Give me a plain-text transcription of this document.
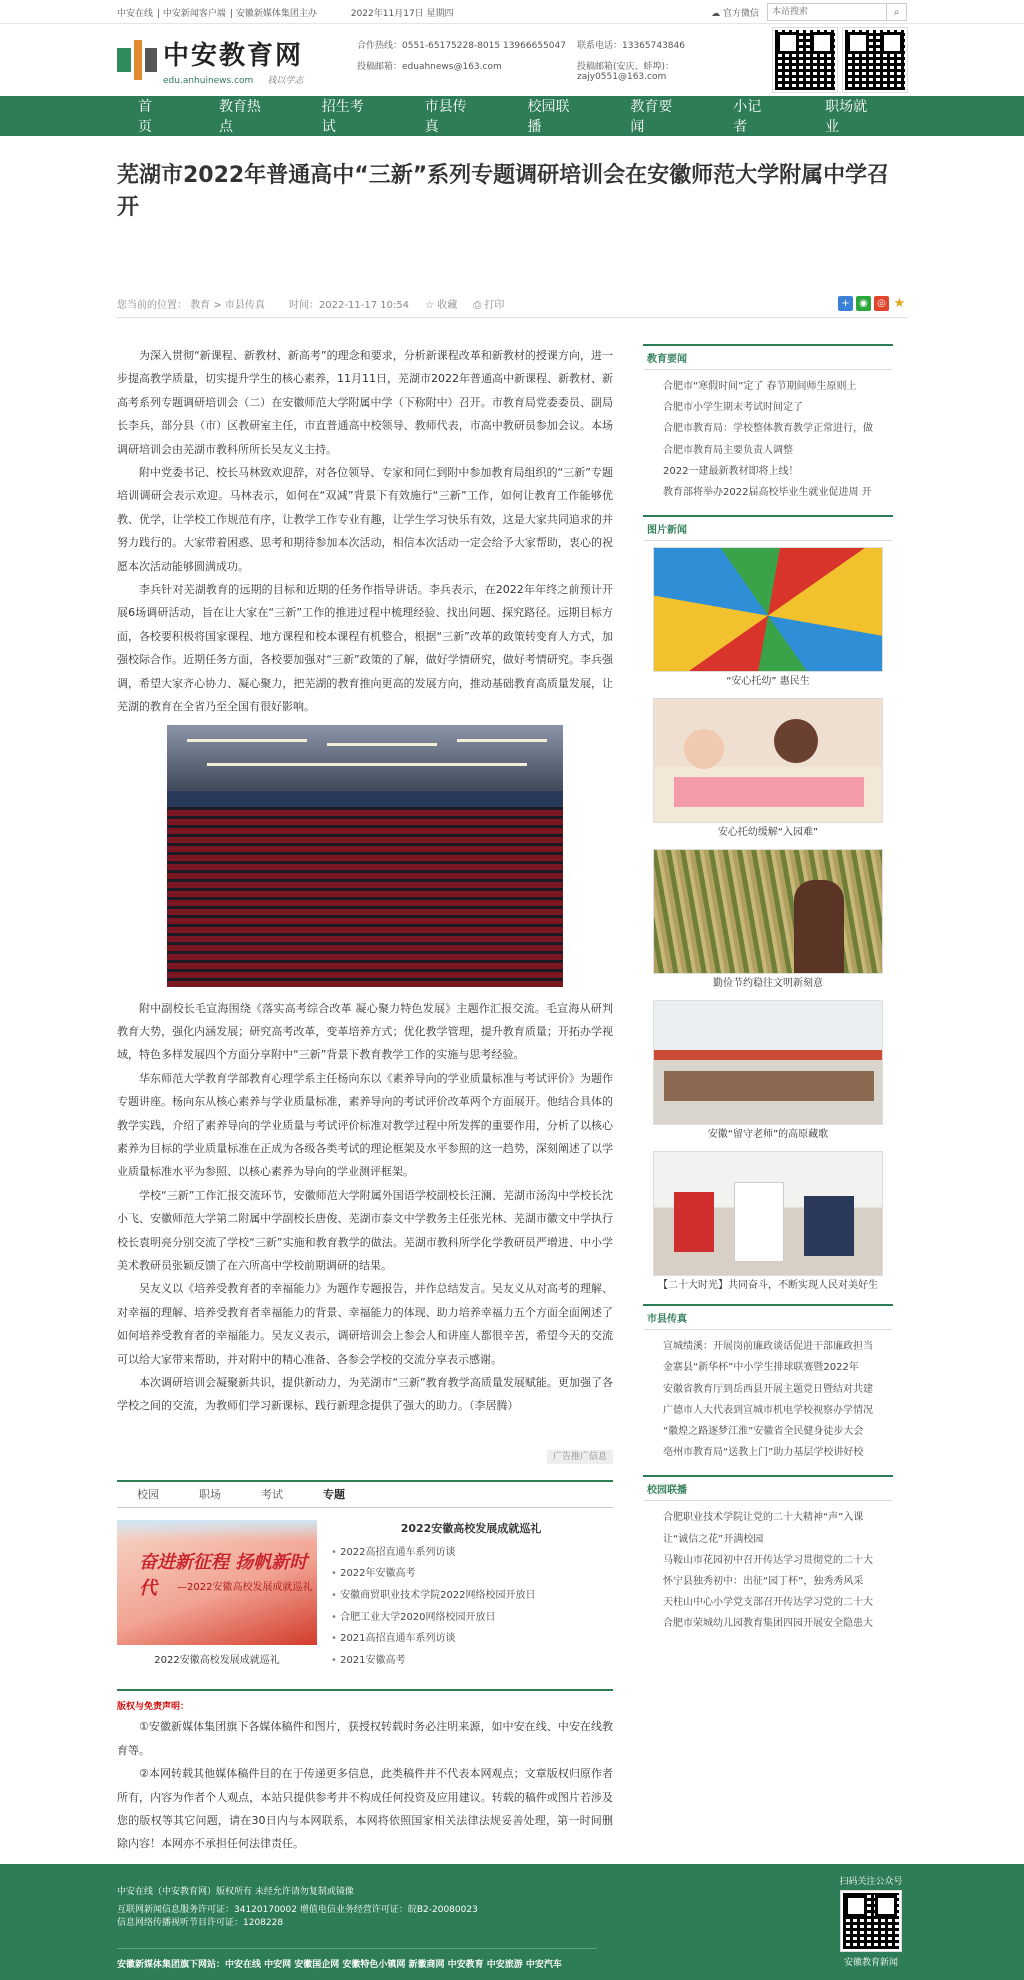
中安在线 | 中安新闻客户端 | 安徽新媒体集团主办	2022年11月17日 星期四	☁ 官方微信
本站搜索	⌕
中安教育网
edu.anhuinews.com 钱以学志
合作热线：0551-65175228-8015 13966655047	联系电话：13365743846
投稿邮箱：eduahnews@163.com	投稿邮箱(安庆、蚌埠)：zajy0551@163.com
首页
教育热点
招生考试
市县传真
校园联播
教育要闻
小记者
职场就业
芜湖市2022年普通高中“三新”系列专题调研培训会在安徽师范大学附属中学召开
您当前的位置： 教育 > 市县传真 时间：2022-11-17 10:54 ☆ 收藏 ⎙ 打印	+ ◉ ◎ ★

为深入贯彻“新课程、新教材、新高考”的理念和要求，分析新课程改革和新教材的授课方向，进一步提高教学质量，切实提升学生的核心素养，11月11日，芜湖市2022年普通高中新课程、新教材、新高考系列专题调研培训会（二）在安徽师范大学附属中学（下称附中）召开。市教育局党委委员、副局长李兵，部分县（市）区教研室主任，市直普通高中校领导、教师代表，市高中教研员参加会议。本场调研培训会由芜湖市教科所所长吴友义主持。

附中党委书记、校长马林致欢迎辞，对各位领导、专家和同仁到附中参加教育局组织的“三新”专题培训调研会表示欢迎。马林表示，如何在“双减”背景下有效施行“三新”工作，如何让教育工作能够优教、优学，让学校工作规范有序，让教学工作专业有趣，让学生学习快乐有效，这是大家共同追求的并努力践行的。大家带着困惑、思考和期待参加本次活动，相信本次活动一定会给予大家帮助，衷心的祝愿本次活动能够圆满成功。

李兵针对芜湖教育的远期的目标和近期的任务作指导讲话。李兵表示，在2022年年终之前预计开展6场调研活动，旨在让大家在“三新”工作的推进过程中梳理经验、找出问题、探究路径。远期目标方面，各校要积极将国家课程、地方课程和校本课程有机整合，根据“三新”改革的政策转变育人方式，加强校际合作。近期任务方面，各校要加强对“三新”政策的了解，做好学情研究，做好考情研究。李兵强调，希望大家齐心协力、凝心聚力，把芜湖的教育推向更高的发展方向，推动基础教育高质量发展，让芜湖的教育在全省乃至全国有很好影响。

附中副校长毛宣海围绕《落实高考综合改革 凝心聚力特色发展》主题作汇报交流。毛宣海从研判教育大势，强化内涵发展；研究高考改革，变革培养方式；优化教学管理，提升教育质量；开拓办学视域，特色多样发展四个方面分享附中“三新”背景下教育教学工作的实施与思考经验。

华东师范大学教育学部教育心理学系主任杨向东以《素养导向的学业质量标准与考试评价》为题作专题讲座。杨向东从核心素养与学业质量标准，素养导向的考试评价改革两个方面展开。他结合具体的教学实践，介绍了素养导向的学业质量与考试评价标准对教学过程中所发挥的重要作用，分析了以核心素养为目标的学业质量标准在正成为各级各类考试的理论框架及水平参照的这一趋势，深刻阐述了以学业质量标准水平为参照、以核心素养为导向的学业测评框架。

学校“三新”工作汇报交流环节，安徽师范大学附属外国语学校副校长汪澜、芜湖市汤沟中学校长沈小飞、安徽师范大学第二附属中学副校长唐俊、芜湖市泰文中学教务主任张光林、芜湖市徽文中学执行校长袁明亮分别交流了学校“三新”实施和教育教学的做法。芜湖市教科所学化学教研员严增进、中小学美术教研员张颖反馈了在六所高中学校前期调研的结果。

吴友义以《培养受教育者的幸福能力》为题作专题报告，并作总结发言。吴友义从对高考的理解、对幸福的理解、培养受教育者幸福能力的背景、幸福能力的体现、助力培养幸福力五个方面全面阐述了如何培养受教育者的幸福能力。吴友义表示，调研培训会上参会人和讲座人都很辛苦，希望今天的交流可以给大家带来帮助，并对附中的精心准备、各参会学校的交流分享表示感谢。

本次调研培训会凝聚新共识，提供新动力，为芜湖市“三新”教育教学高质量发展赋能。更加强了各学校之间的交流，为教师们学习新课标、践行新理念提供了强大的助力。（李居腾）

广告推广信息
校园	职场	考试	专题
奋进新征程 扬帆新时代	—2022安徽高校发展成就巡礼
2022安徽高校发展成就巡礼
2022安徽高校发展成就巡礼
• 2022高招直通车系列访谈
• 2022年安徽高考
• 安徽商贸职业技术学院2022网络校园开放日
• 合肥工业大学2020网络校园开放日
• 2021高招直通车系列访谈
• 2021安徽高考
版权与免责声明：

①安徽新媒体集团旗下各媒体稿件和图片，获授权转载时务必注明来源，如中安在线、中安在线教育等。

②本网转载其他媒体稿件目的在于传递更多信息，此类稿件并不代表本网观点；文章版权归原作者所有，内容为作者个人观点，本站只提供参考并不构成任何投资及应用建议。转载的稿件或图片若涉及您的版权等其它问题，请在30日内与本网联系，本网将依照国家相关法律法规妥善处理，第一时间删除内容！本网亦不承担任何法律责任。

教育要闻
合肥市“寒假时间”定了 春节期间师生原则上
合肥市小学生期末考试时间定了
合肥市教育局：学校整体教育教学正常进行，做
合肥市教育局主要负责人调整
2022一建最新教材即将上线！
教育部将举办2022届高校毕业生就业促进周 开
图片新闻
“安心托幼” 惠民生
安心托幼缓解“入园难”
勤俭节约稳往文明新刻意
安徽“留守老师”的高原藏歌
【二十大时光】共同奋斗，不断实现人民对美好生
市县传真
宣城绩溪：开展岗前廉政谈话促进干部廉政担当
金寨县“新华杯”中小学生排球联赛暨2022年
安徽省教育厅到岳西县开展主题党日暨结对共建
广德市人大代表到宣城市机电学校视察办学情况
“徽煌之路逐梦江淮”安徽省全民健身徒步大会
亳州市教育局“送教上门”助力基层学校讲好校
校园联播
合肥职业技术学院让党的二十大精神“声”入课
让“诚信之花”开满校园
马鞍山市花园初中召开传达学习贯彻党的二十大
怀宁县独秀初中：出征“园丁杯”，独秀秀风采
天柱山中心小学党支部召开传达学习党的二十大
合肥市荣城幼儿园教育集团四园开展安全隐患大
中安在线（中安教育网）版权所有 未经允许请勿复制或镜像
互联网新闻信息服务许可证：34120170002 增值电信业务经营许可证：皖B2-20080023
信息网络传播视听节目许可证：1208228
安徽新媒体集团旗下网站：中安在线 中安网 安徽国企网 安徽特色小镇网 新徽商网 中安教育 中安旅游 中安汽车
扫码关注公众号
安徽教育新闻
